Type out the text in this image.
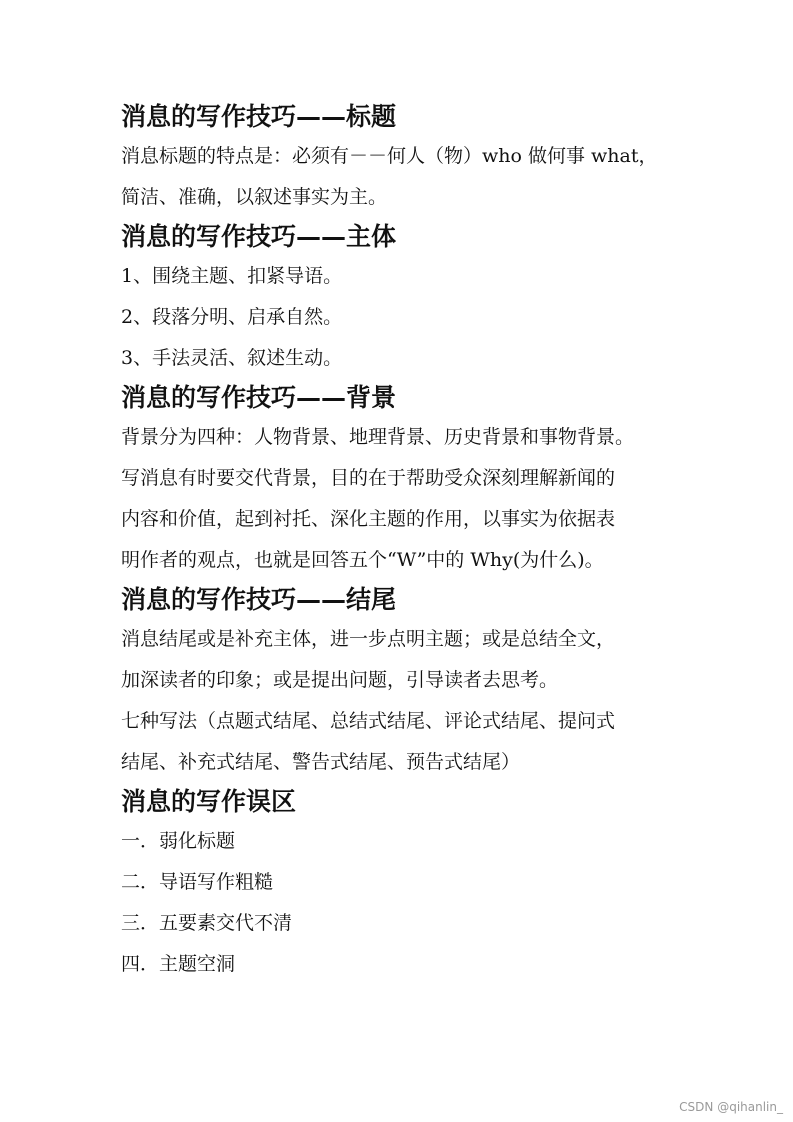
消息的写作技巧——标题
消息标题的特点是：必须有－－何人（物）who 做何事 what，
简洁、准确，以叙述事实为主。
消息的写作技巧——主体

1、围绕主题、扣紧导语。

2、段落分明、启承自然。

3、手法灵活、叙述生动。

消息的写作技巧——背景
背景分为四种：人物背景、地理背景、历史背景和事物背景。
写消息有时要交代背景，目的在于帮助受众深刻理解新闻的
内容和价值，起到衬托、深化主题的作用，以事实为依据表
明作者的观点，也就是回答五个“W”中的 Why(为什么)。
消息的写作技巧——结尾
消息结尾或是补充主体，进一步点明主题；或是总结全文，
加深读者的印象；或是提出问题，引导读者去思考。
七种写法（点题式结尾、总结式结尾、评论式结尾、提问式
结尾、补充式结尾、警告式结尾、预告式结尾）
消息的写作误区

一．弱化标题

二．导语写作粗糙

三．五要素交代不清

四．主题空洞

CSDN @qihanlin_
